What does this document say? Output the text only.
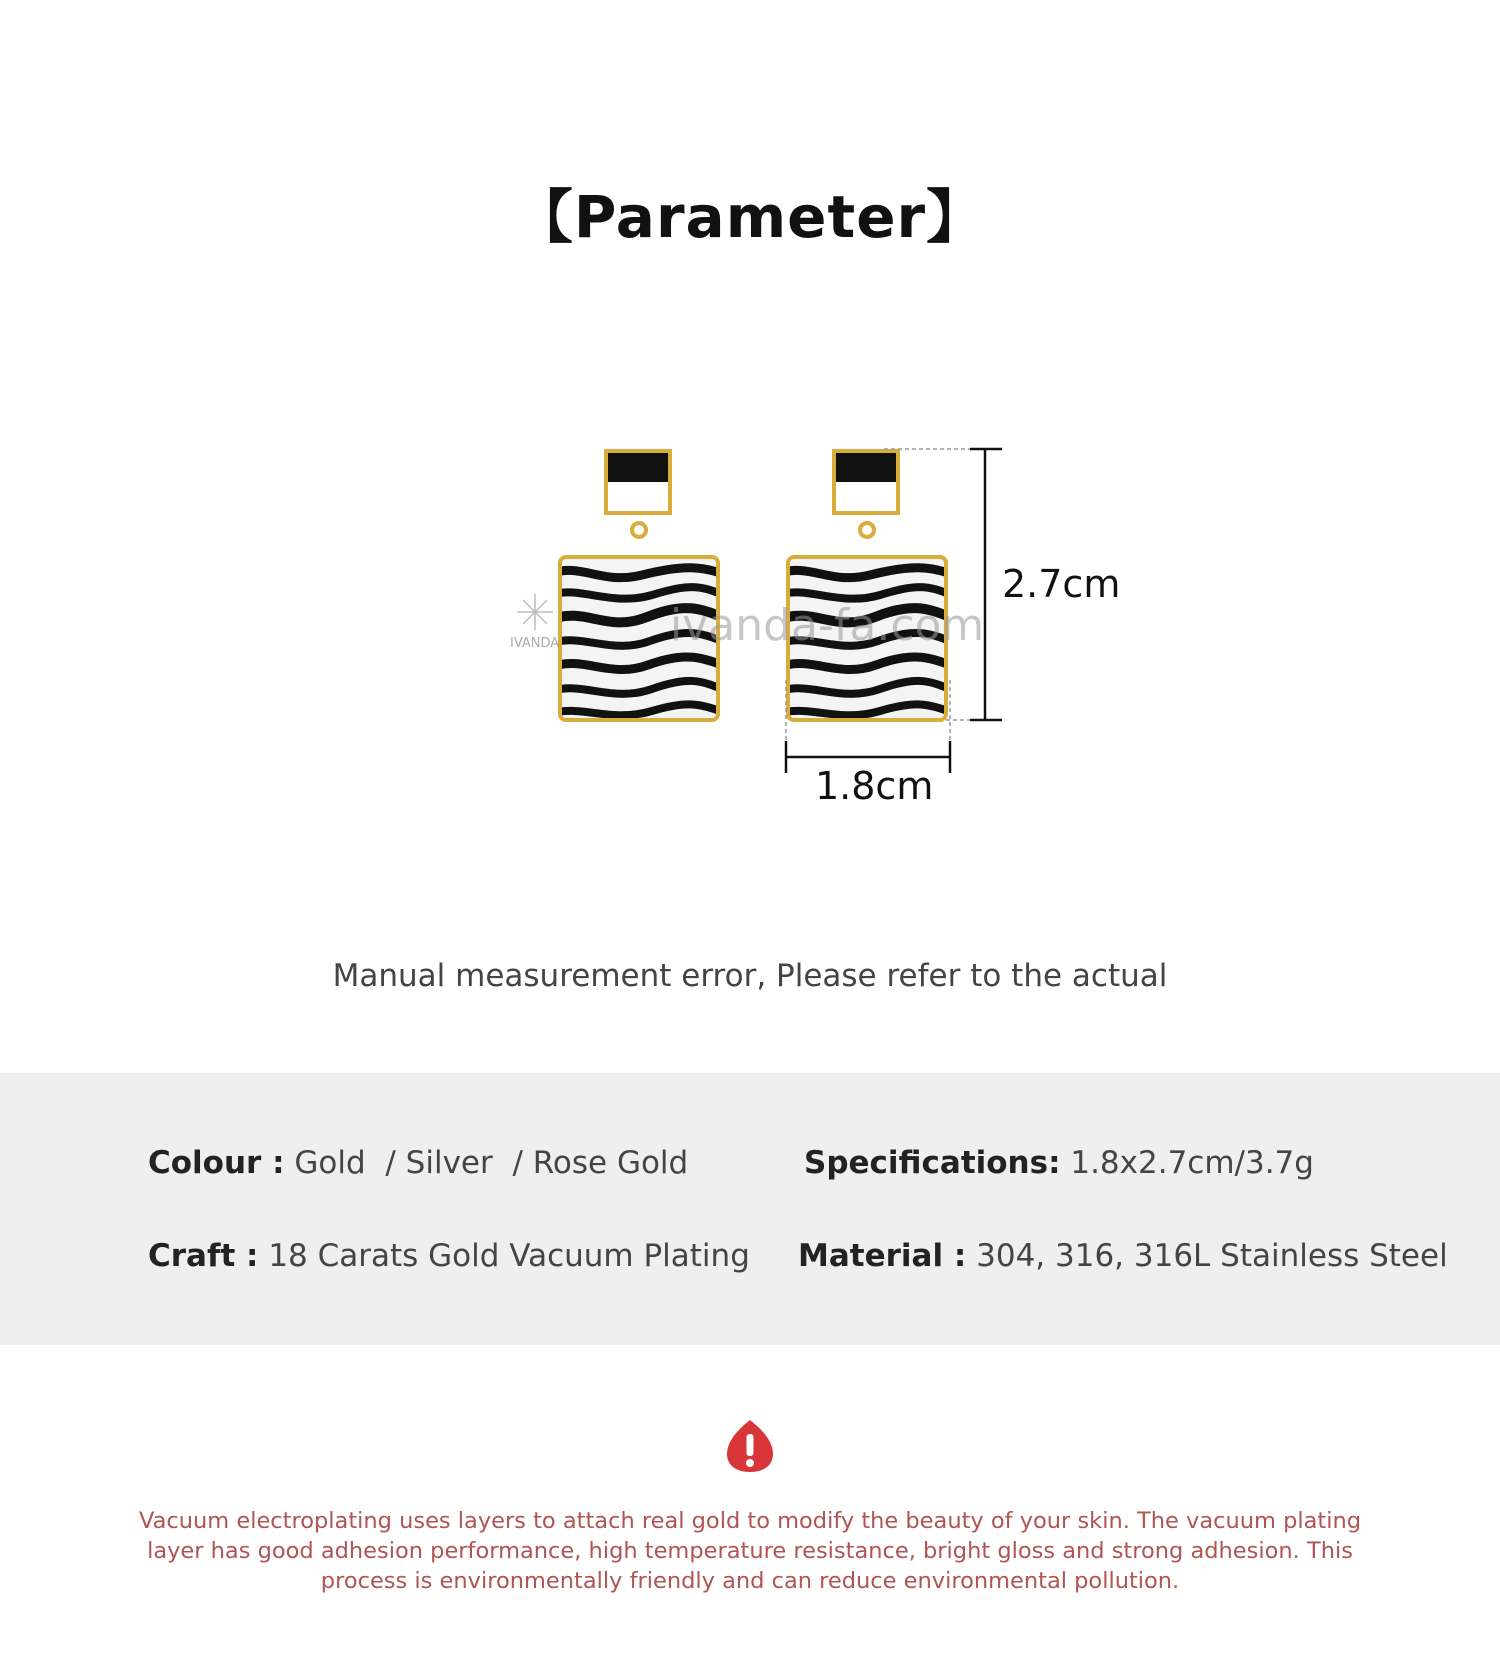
【Parameter】
IVANDA	ivanda-fa.com
2.7cm
1.8cm
Manual measurement error, Please refer to the actual
Colour : Gold  / Silver  / Rose Gold	Specifications: 1.8x2.7cm/3.7g
Craft : 18 Carats Gold Vacuum Plating Material : 304, 316, 316L Stainless Steel
Vacuum electroplating uses layers to attach real gold to modify the beauty of your skin. The vacuum plating layer has good adhesion performance, high temperature resistance, bright gloss and strong adhesion. This process is environmentally friendly and can reduce environmental pollution.
